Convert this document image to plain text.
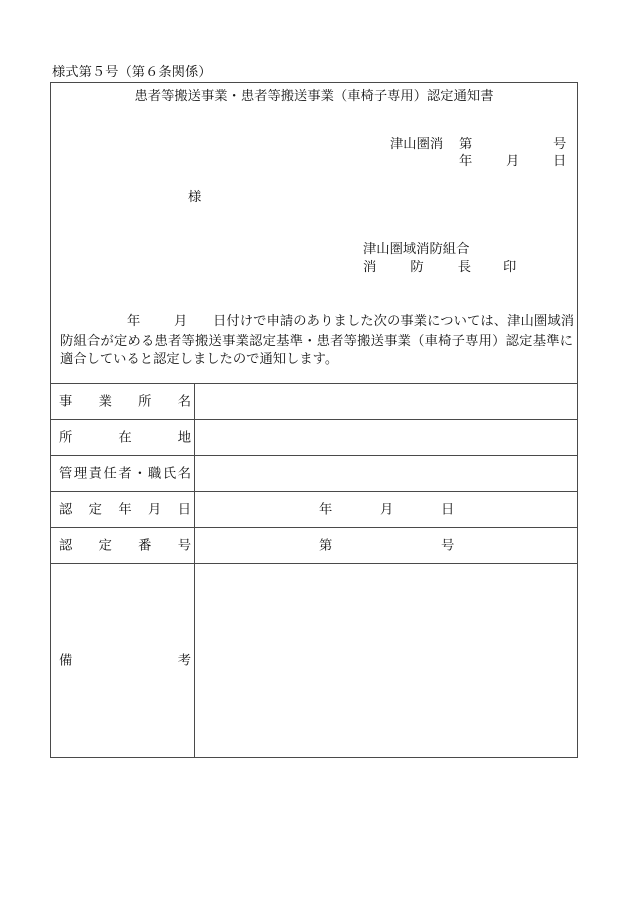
様式第５号（第６条関係）
患者等搬送事業・患者等搬送事業（車椅子専用）認定通知書
津山圏消 第	号
年	月	日
様
津山圏域消防組合
消防長 印
年	月 日付けで申請のありました次の事業については、津山圏域消
防組合が定める患者等搬送事業認定基準・患者等搬送事業（車椅子専用）認定基準に
適合していると認定しましたので通知します。
事業所名
所在地
管理責任者・職氏名
認定年月日	年	月	日
認定番号	第	号
備考
